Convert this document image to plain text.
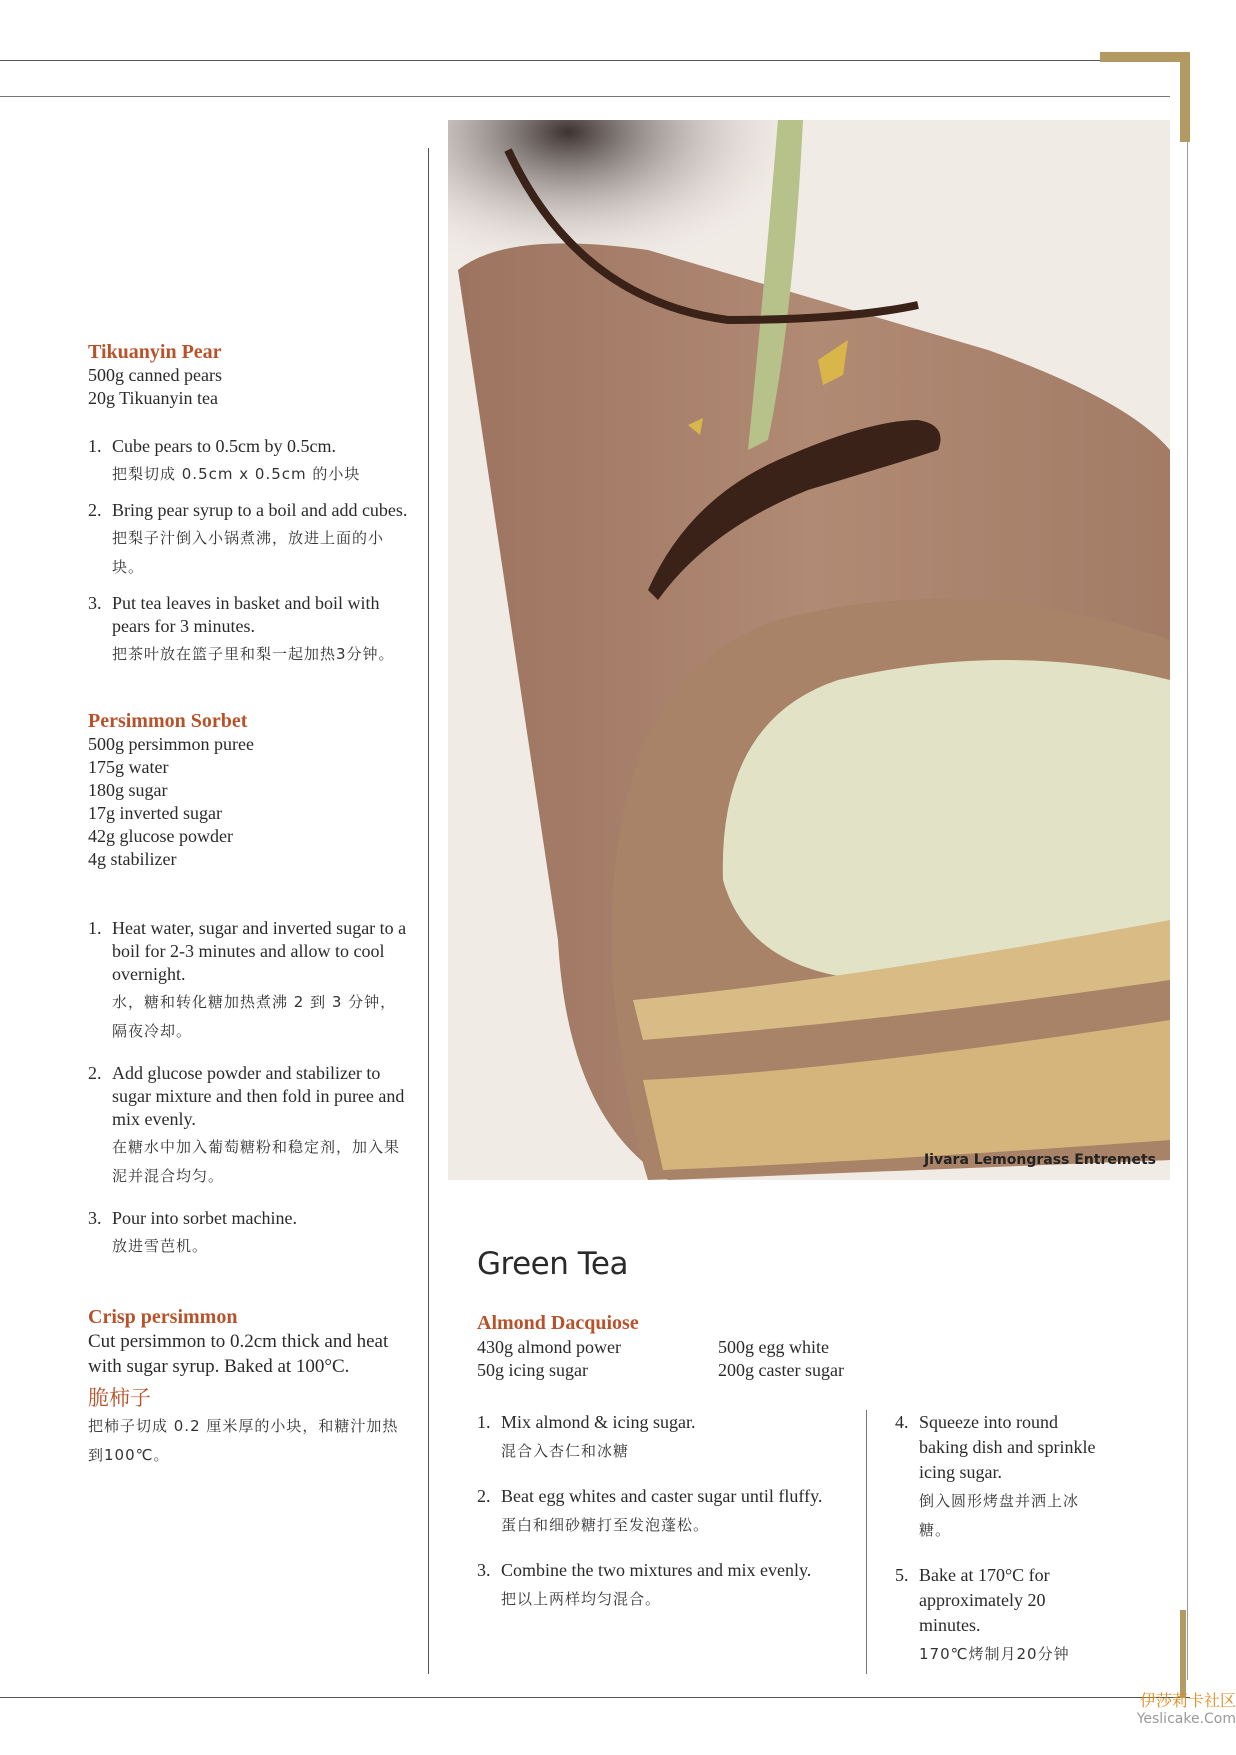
Tikuanyin Pear

500g canned pears

20g Tikuanyin tea

1. Cube pears to 0.5cm by 0.5cm.
把梨切成 0.5cm x 0.5cm 的小块
2. Bring pear syrup to a boil and add cubes.
把梨子汁倒入小锅煮沸，放进上面的小块。
3. Put tea leaves in basket and boil with pears for 3 minutes.
把茶叶放在篮子里和梨一起加热3分钟。
Persimmon Sorbet

500g persimmon puree

175g water

180g sugar

17g inverted sugar

42g glucose powder

4g stabilizer

1. Heat water, sugar and inverted sugar to a boil for 2-3 minutes and allow to cool overnight.
水，糖和转化糖加热煮沸 2 到 3 分钟，隔夜冷却。
2. Add glucose powder and stabilizer to sugar mixture and then fold in puree and mix evenly.
在糖水中加入葡萄糖粉和稳定剂，加入果泥并混合均匀。
3. Pour into sorbet machine.
放进雪芭机。
Crisp persimmon
Cut persimmon to 0.2cm thick and heat with sugar syrup. Baked at 100°C.
脆柿子
把柿子切成 0.2 厘米厚的小块，和糖汁加热到100℃。
Jivara Lemongrass Entremets
Green Tea
Almond Dacquiose
430g almond power
50g icing sugar
500g egg white
200g caster sugar
1. Mix almond & icing sugar.
混合入杏仁和冰糖
2. Beat egg whites and caster sugar until fluffy.
蛋白和细砂糖打至发泡蓬松。
3. Combine the two mixtures and mix evenly.
把以上两样均匀混合。
4. Squeeze into round baking dish and sprinkle icing sugar.
倒入圆形烤盘并洒上冰糖。
5. Bake at 170°C for approximately 20 minutes.
170℃烤制月20分钟
伊莎莉卡社区
Yeslicake.Com
